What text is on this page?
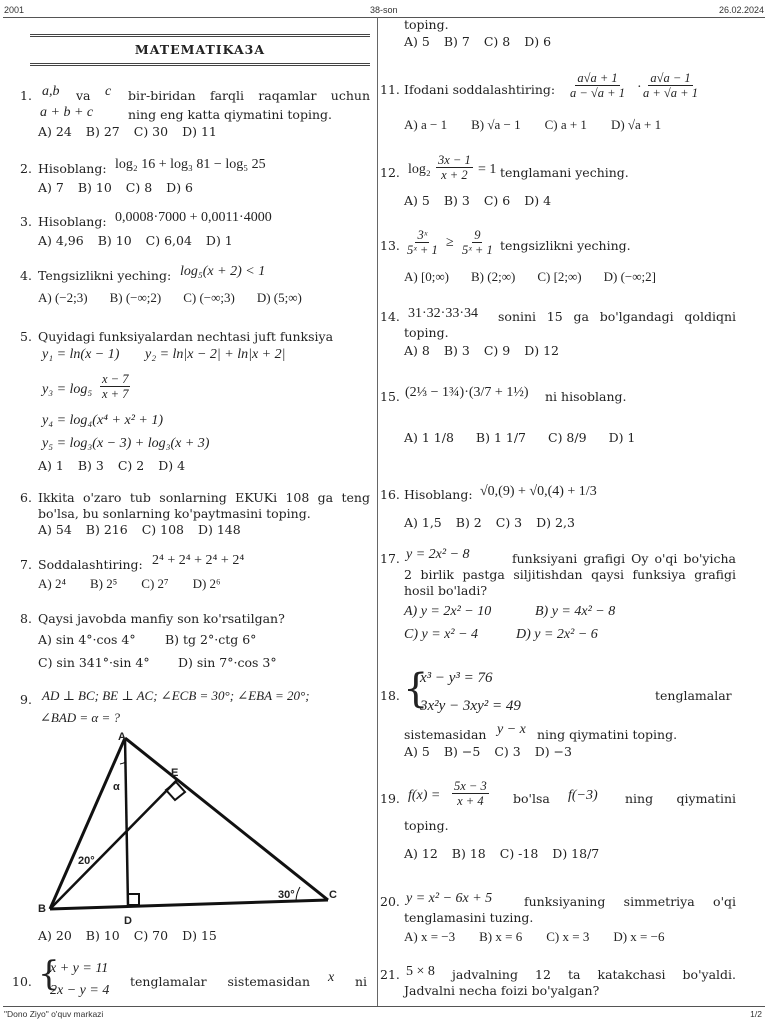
2001	38-son	26.02.2024
"Dono Ziyo" o'quv markazi	1/2
MATEMATIKA3A
1. a,b va c bir-biridan farqli raqamlar uchun
a + b + c	ning eng katta qiymatini toping.
A) 24 B) 27 C) 30 D) 11
2. Hisoblang: log₂ 16 + log₃ 81 − log₅ 25
A) 7 B) 10 C) 8 D) 6
3. Hisoblang: 0,0008·7000 + 0,0011·4000
A) 4,96 B) 10 C) 6,04 D) 1
4. Tengsizlikni yeching: log₅(x + 2) < 1
A) (−2;3) B) (−∞;2) C) (−∞;3) D) (5;∞)
5. Quyidagi funksiyalardan nechtasi juft funksiya
y₁ = ln(x − 1) y₂ = ln|x − 2| + ln|x + 2|
$y_3 = \log_5 \frac{x - 7}{x + 7}$
y₄ = log₄(x⁴ + x² + 1)
y₅ = log₃(x − 3) + log₃(x + 3)
A) 1 B) 3 C) 2 D) 4
6. Ikkita o'zaro tub sonlarning EKUKi 108 ga teng bo'lsa, bu sonlarning ko'paytmasini toping.
A) 54 B) 216 C) 108 D) 148
7. Soddalashtiring: 2⁴ + 2⁴ + 2⁴ + 2⁴
A) 2⁴ B) 2⁵ C) 2⁷ D) 2⁶
8. Qaysi javobda manfiy son ko'rsatilgan?
A) sin 4°·cos 4° B) tg 2°·ctg 6°
C) sin 341°·sin 4° D) sin 7°·cos 3°
9. AD ⊥ BC; BE ⊥ AC; ∠ECB = 30°; ∠EBA = 20°;
∠BAD = α = ?
A
B
C
D
E
α
20°
30°
A) 20 B) 10 C) 70 D) 15
10. {
x + y = 11
2x − y = 4
tenglamalar sistemasidan x ni
toping.
A) 5 B) 7 C) 8 D) 6
11. Ifodani soddalashtiring: $\frac{a√a + 1}{a - √a + 1} \cdot \frac{a√a - 1}{a + √a + 1}$
A) a − 1 B) √a − 1 C) a + 1 D) √a + 1
12. $\log_2 \frac{3x - 1}{x + 2} = 1$ tenglamani yeching.
A) 5 B) 3 C) 6 D) 4
13. $\frac{\text{3ˣ}}{\text{5ˣ + 1}} \ge \frac{9}{\text{5ˣ + 1}}$ tengsizlikni yeching.
A) [0;∞) B) (2;∞) C) [2;∞) D) (−∞;2]
14. 31·32·33·34	sonini 15 ga bo'lgandagi qoldiqni toping.
A) 8 B) 3 C) 9 D) 12
15. (2⅓ − 1¾)·(3/7 + 1½) ni hisoblang.
A) 1 1/8 B) 1 1/7 C) 8/9 D) 1
16. Hisoblang: √0,(9) + √0,(4) + 1/3
A) 1,5 B) 2 C) 3 D) 2,3
17. y = 2x² − 8	funksiyani grafigi Oy o'qi bo'yicha 2 birlik pastga siljitishdan qaysi funksiya grafigi hosil bo'ladi?
A) y = 2x² − 10	B) y = 4x² − 8
C) y = x² − 4	D) y = 2x² − 6
18. {
x³ − y³ = 76
3x²y − 3xy² = 49
tenglamalar
sistemasidan y − x ning qiymatini toping.
A) 5 B) −5 C) 3 D) −3
19. $f(x) = \frac{5x - 3}{x + 4} bo'lsa$ f(−3) ning qiymatini
toping.
A) 12 B) 18 C) -18 D) 18/7
20. y = x² − 6x + 5	funksiyaning simmetriya o'qi tenglamasini tuzing.
A) x = −3 B) x = 6 C) x = 3 D) x = −6
21. 5 × 8	jadvalning 12 ta katakchasi bo'yaldi. Jadvalni necha foizi bo'yalgan?
